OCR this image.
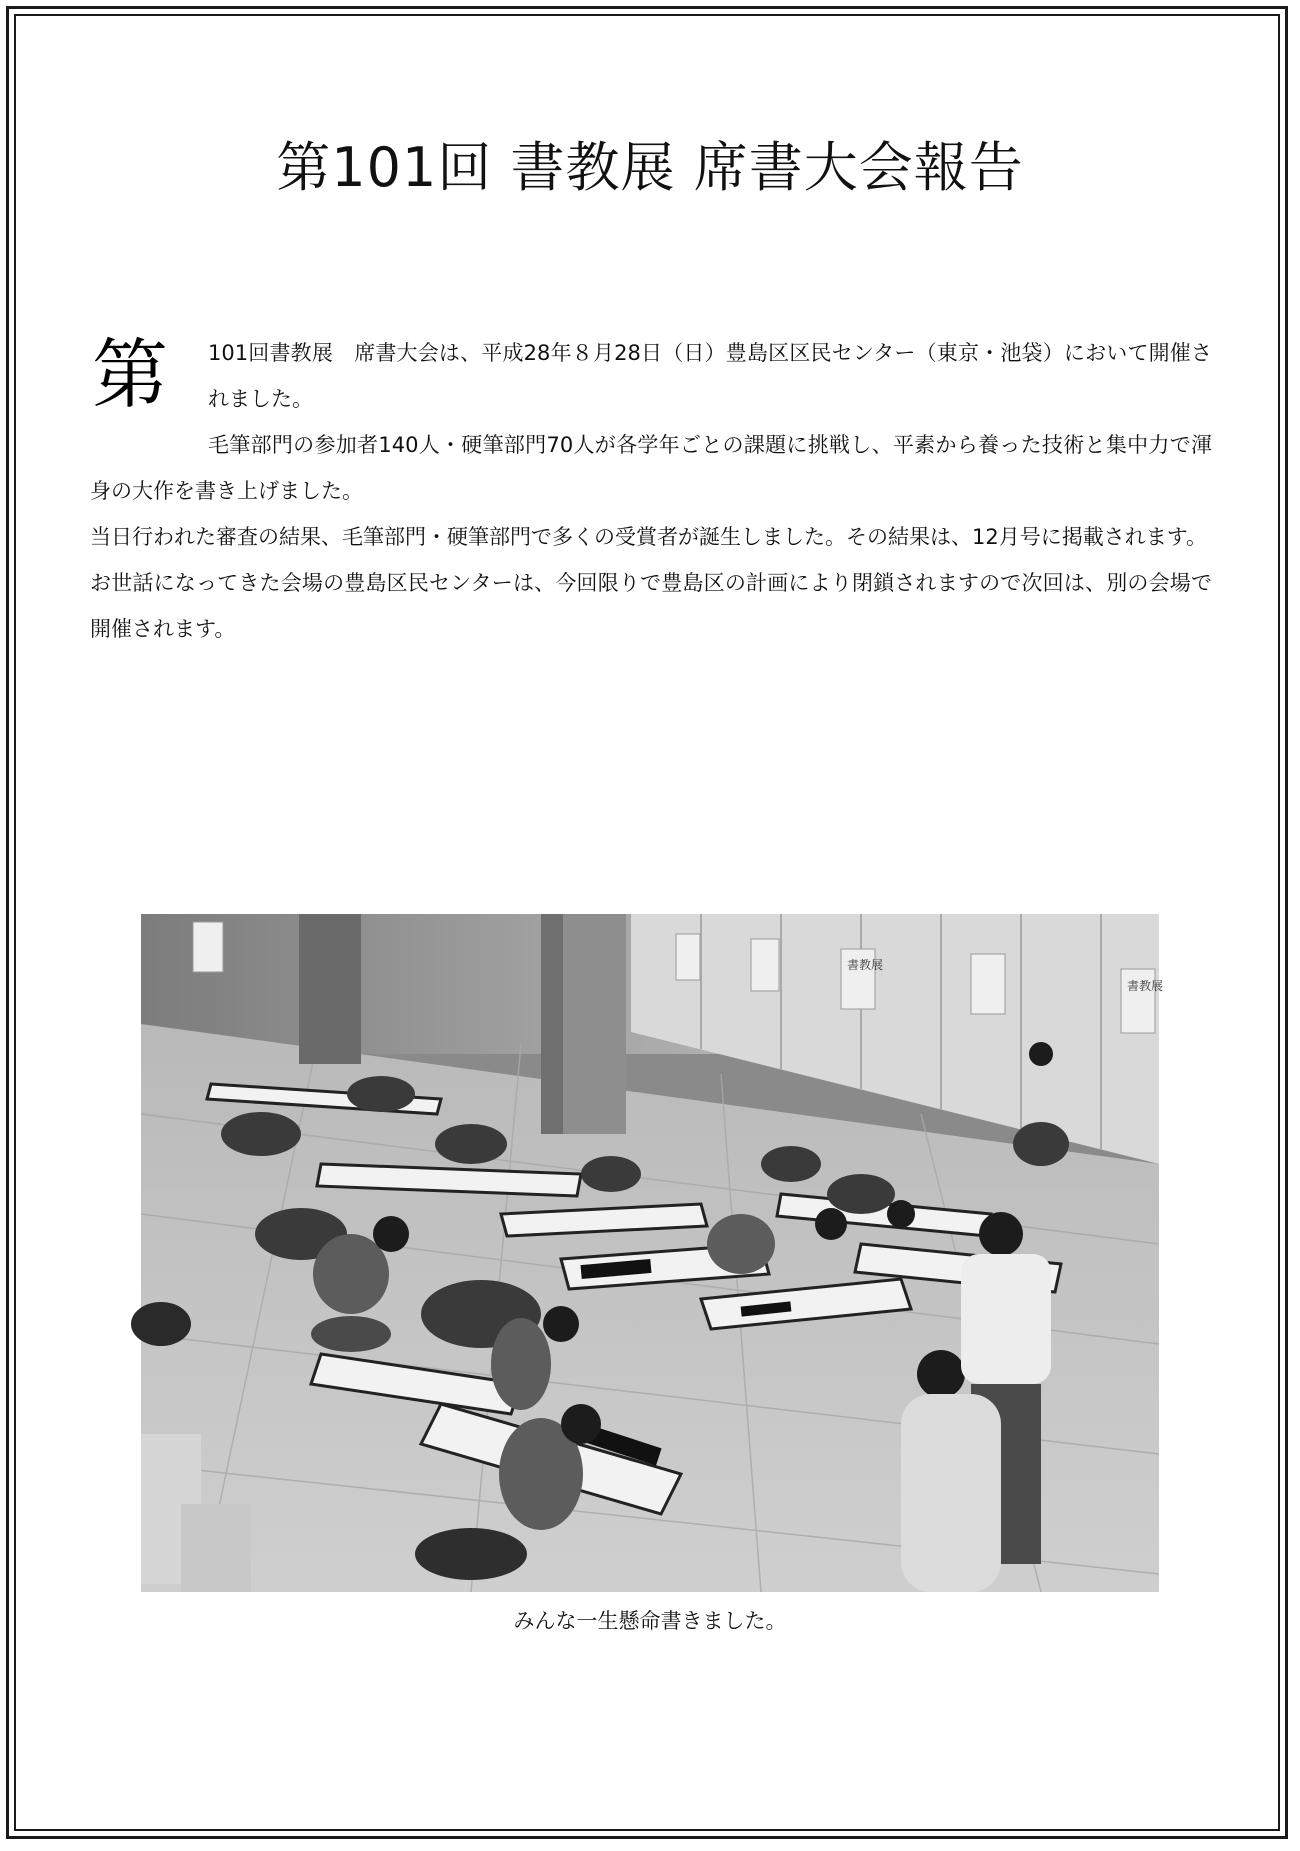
第101回 書教展 席書大会報告

第 101回書教展　席書大会は、平成28年８月28日（日）豊島区区民センター（東京・池袋）において開催されました。

毛筆部門の参加者140人・硬筆部門70人が各学年ごとの課題に挑戦し、平素から養った技術と集中力で渾身の大作を書き上げました。

当日行われた審査の結果、毛筆部門・硬筆部門で多くの受賞者が誕生しました。その結果は、12月号に掲載されます。

お世話になってきた会場の豊島区民センターは、今回限りで豊島区の計画により閉鎖されますので次回は、別の会場で開催されます。

書教展
書教展
みんな一生懸命書きました。
